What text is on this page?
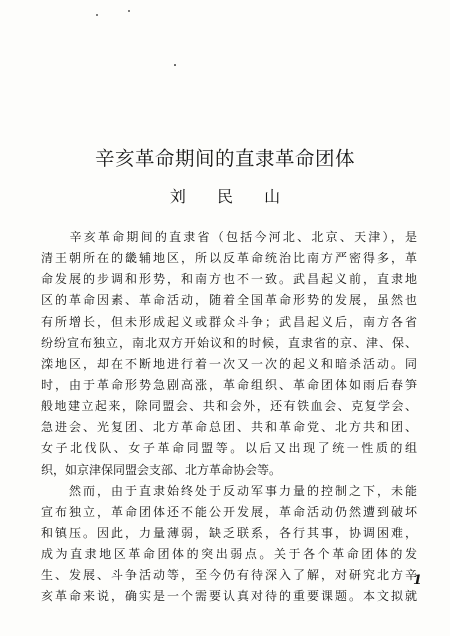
辛亥革命期间的直隶革命团体
刘 民 山
　　辛亥革命期间的直隶省（包括今河北、北京、天津），是
清王朝所在的畿辅地区，所以反革命统治比南方严密得多，革
命发展的步调和形势，和南方也不一致。武昌起义前，直隶地
区的革命因素、革命活动，随着全国革命形势的发展，虽然也
有所增长，但未形成起义或群众斗争；武昌起义后，南方各省
纷纷宣布独立，南北双方开始议和的时候，直隶省的京、津、保、
滦地区，却在不断地进行着一次又一次的起义和暗杀活动。同
时，由于革命形势急剧高涨，革命组织、革命团体如雨后春笋
般地建立起来，除同盟会、共和会外，还有铁血会、克复学会、
急进会、光复团、北方革命总团、共和革命党、北方共和团、
女子北伐队、女子革命同盟等。以后又出现了统一性质的组
织，如京津保同盟会支部、北方革命协会等。
　　然而，由于直隶始终处于反动军事力量的控制之下，未能
宣布独立，革命团体还不能公开发展，革命活动仍然遭到破坏
和镇压。因此，力量薄弱，缺乏联系，各行其事，协调困难，
成为直隶地区革命团体的突出弱点。关于各个革命团体的发
生、发展、斗争活动等，至今仍有待深入了解，对研究北方辛
亥革命来说，确实是一个需要认真对待的重要课题。本文拟就
1
